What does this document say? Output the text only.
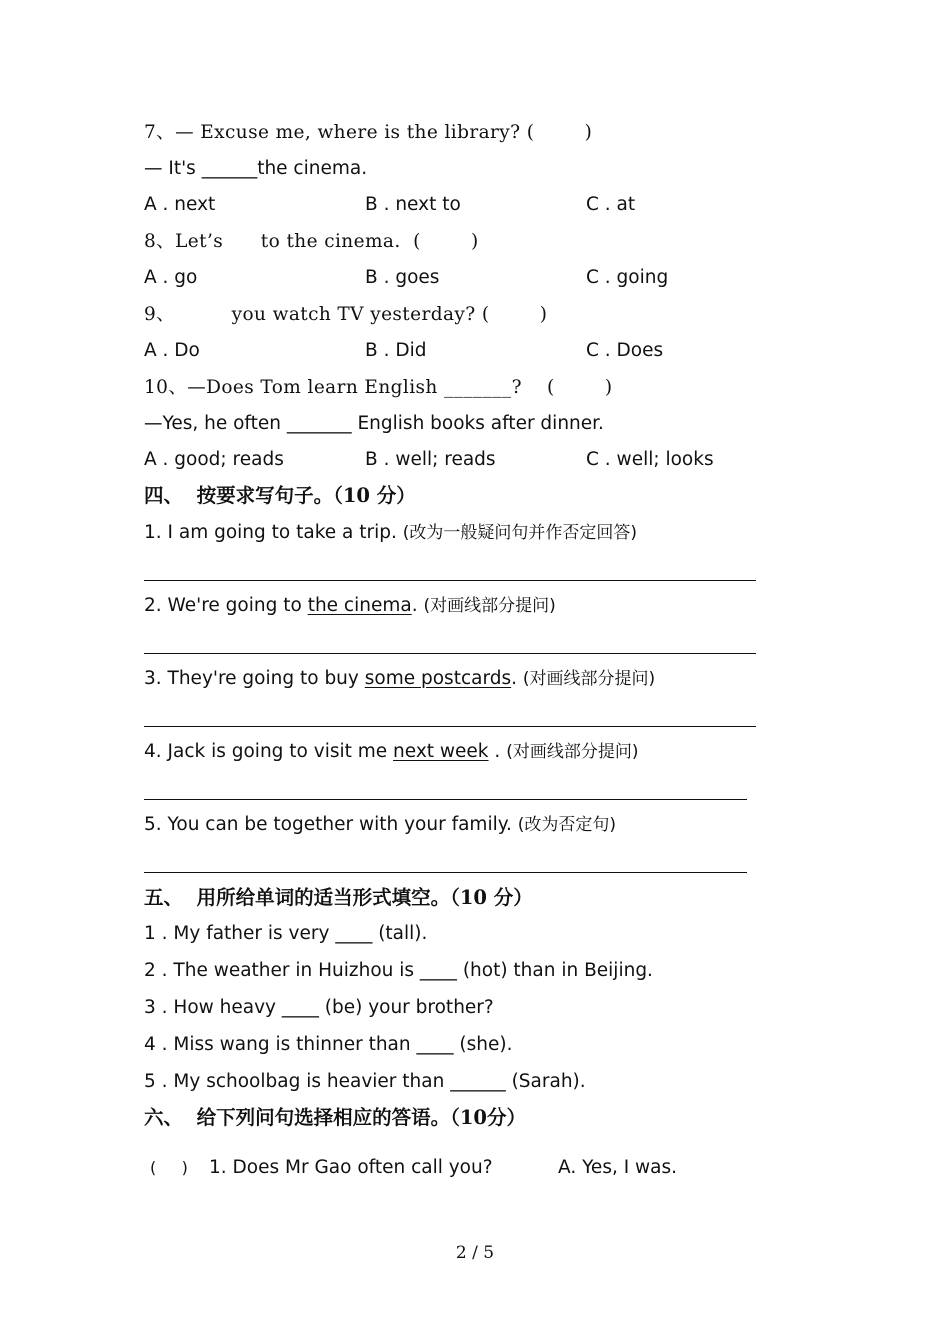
7、— Excuse me, where is the library? (        )
— It's ______the cinema.
A . next	B . next to	C . at
8、Let’s      to the cinema.  (        )
A . go	B . goes	C . going
9、         you watch TV yesterday? (        )
A . Do	B . Did	C . Does
10、—Does Tom learn English _______?    (        )
—Yes, he often _______ English books after dinner.
A . good; reads	B . well; reads	C . well; looks
四、  按要求写句子。（10 分）
1. I am going to take a trip. (改为一般疑问句并作否定回答)
2. We're going to the cinema. (对画线部分提问)
3. They're going to buy some postcards. (对画线部分提问)
4. Jack is going to visit me next week . (对画线部分提问)
5. You can be together with your family. (改为否定句)
五、  用所给单词的适当形式填空。（10 分）
1 . My father is very ____ (tall).
2 . The weather in Huizhou is ____ (hot) than in Beijing.
3 . How heavy ____ (be) your brother?
4 . Miss wang is thinner than ____ (she).
5 . My schoolbag is heavier than ______ (Sarah).
六、  给下列问句选择相应的答语。（10分）
(     ) 1. Does Mr Gao often call you?	A. Yes, I was.
2 / 5
